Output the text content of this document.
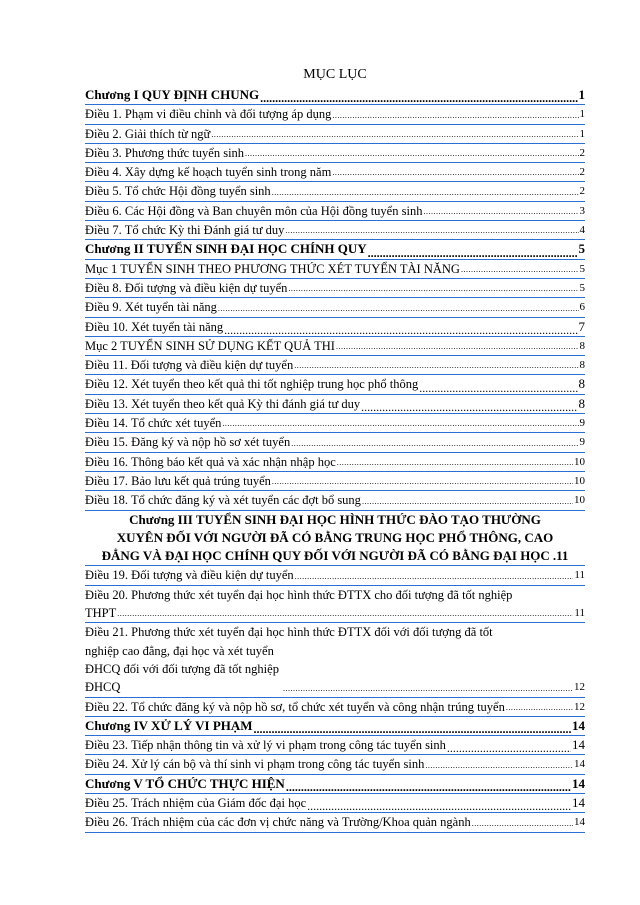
MỤC LỤC
Chương I QUY ĐỊNH CHUNG .....	1
Điều 1. Phạm vi điều chỉnh và đối tượng áp dụng .....	1
Điều 2. Giải thích từ ngữ .....	1
Điều 3. Phương thức tuyển sinh .....	2
Điều 4. Xây dựng kế hoạch tuyển sinh trong năm .....	2
Điều 5. Tổ chức Hội đồng tuyển sinh .....	2
Điều 6. Các Hội đồng và Ban chuyên môn của Hội đồng tuyển sinh .....	3
Điều 7. Tổ chức Kỳ thi Đánh giá tư duy .....	4
Chương II TUYỂN SINH ĐẠI HỌC CHÍNH QUY .....	5
Mục 1 TUYỂN SINH THEO PHƯƠNG THỨC XÉT TUYỂN TÀI NĂNG .....	5
Điều 8. Đối tượng và điều kiện dự tuyển .....	5
Điều 9. Xét tuyển tài năng .....	6
Điều 10. Xét tuyển tài năng .....	7
Mục 2 TUYỂN SINH SỬ DỤNG KẾT QUẢ THI .....	8
Điều 11. Đối tượng và điều kiện dự tuyển .....	8
Điều 12. Xét tuyển theo kết quả thi tốt nghiệp trung học phổ thông .....	8
Điều 13. Xét tuyển theo kết quả Kỳ thi đánh giá tư duy .....	8
Điều 14. Tổ chức xét tuyển .....	9
Điều 15. Đăng ký và nộp hồ sơ xét tuyển .....	9
Điều 16. Thông báo kết quả và xác nhận nhập học .....	10
Điều 17. Bảo lưu kết quả trúng tuyển .....	10
Điều 18. Tổ chức đăng ký và xét tuyển các đợt bổ sung .....	10
Chương III TUYỂN SINH ĐẠI HỌC HÌNH THỨC ĐÀO TẠO THƯỜNG
XUYÊN ĐỐI VỚI NGƯỜI ĐÃ CÓ BẰNG TRUNG HỌC PHỔ THÔNG, CAO
ĐẲNG VÀ ĐẠI HỌC CHÍNH QUY ĐỐI VỚI NGƯỜI ĐÃ CÓ BẰNG ĐẠI HỌC . 11
Điều 19. Đối tượng và điều kiện dự tuyển .....	11
Điều 20. Phương thức xét tuyển đại học hình thức ĐTTX cho đối tượng đã tốt nghiệp
THPT .....	11
Điều 21. Phương thức xét tuyển đại học hình thức ĐTTX đối với đối tượng đã tốt
nghiệp cao đẳng, đại học và xét tuyển ĐHCQ đối với đối tượng đã tốt nghiệp ĐHCQ .....	12
Điều 22. Tổ chức đăng ký và nộp hồ sơ, tổ chức xét tuyển và công nhận trúng tuyển .....	12
Chương IV XỬ LÝ VI PHẠM .....	14
Điều 23. Tiếp nhận thông tin và xử lý vi phạm trong công tác tuyển sinh .....	14
Điều 24. Xử lý cán bộ và thí sinh vi phạm trong công tác tuyển sinh .....	14
Chương V TỔ CHỨC THỰC HIỆN .....	14
Điều 25. Trách nhiệm của Giám đốc đại học .....	14
Điều 26. Trách nhiệm của các đơn vị chức năng và Trường/Khoa quản ngành .....	14
